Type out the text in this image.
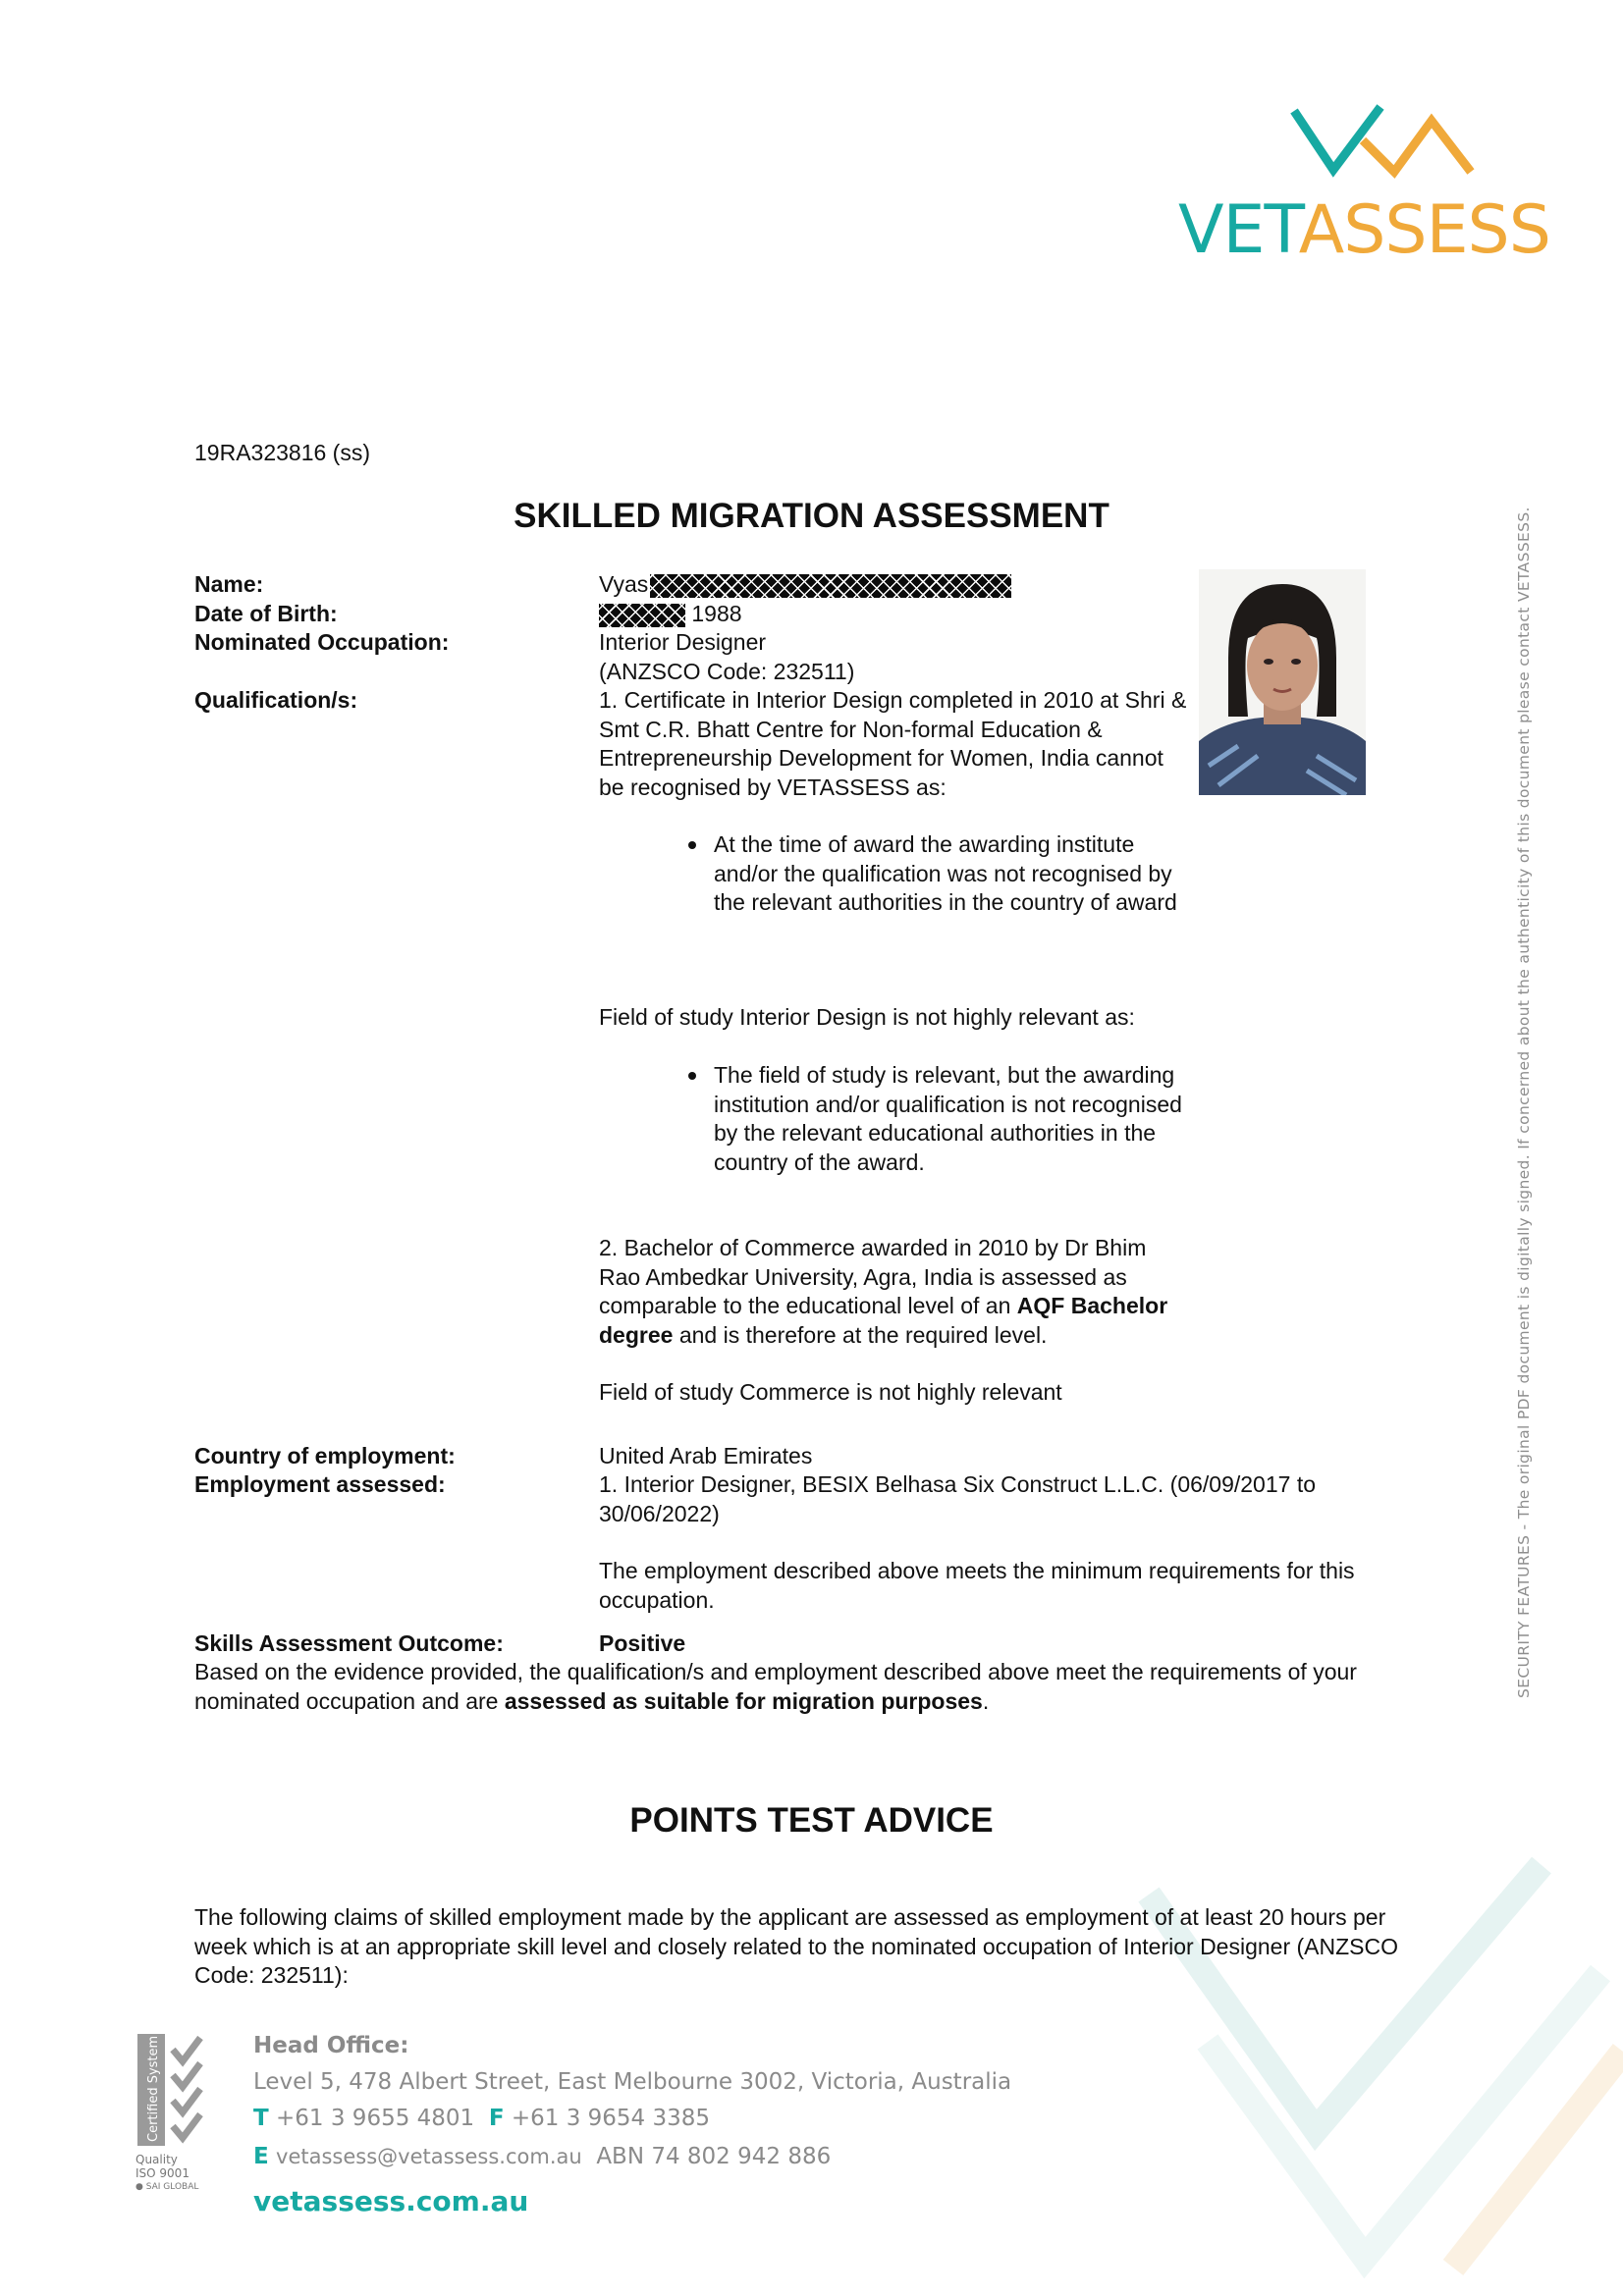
VETASSESS
SECURITY FEATURES - The original PDF document is digitally signed. If concerned about the authenticity of this document please contact VETASSESS.
19RA323816 (ss)
SKILLED MIGRATION ASSESSMENT
Name:	Vyas
Date of Birth:	1988
Nominated Occupation:	Interior Designer
(ANZSCO Code: 232511)
Qualification/s:	1. Certificate in Interior Design completed in 2010 at Shri & Smt C.R. Bhatt Centre for Non-formal Education & Entrepreneurship Development for Women, India cannot be recognised by VETASSESS as:
At the time of award the awarding institute and/or the qualification was not recognised by the relevant authorities in the country of award
Field of study Interior Design is not highly relevant as:
The field of study is relevant, but the awarding institution and/or qualification is not recognised by the relevant educational authorities in the country of the award.
2. Bachelor of Commerce awarded in 2010 by Dr Bhim Rao Ambedkar University, Agra, India is assessed as comparable to the educational level of an AQF Bachelor degree and is therefore at the required level.
Field of study Commerce is not highly relevant
Country of employment:	United Arab Emirates
Employment assessed:	1. Interior Designer, BESIX Belhasa Six Construct L.L.C. (06/09/2017 to 30/06/2022)
The employment described above meets the minimum requirements for this occupation.
Skills Assessment Outcome:	Positive
Based on the evidence provided, the qualification/s and employment described above meet the requirements of your nominated occupation and are assessed as suitable for migration purposes.
POINTS TEST ADVICE
The following claims of skilled employment made by the applicant are assessed as employment of at least 20 hours per week which is at an appropriate skill level and closely related to the nominated occupation of Interior Designer (ANZSCO Code: 232511):
Certified System
Quality
ISO 9001
● SAI GLOBAL
Head Office:
Level 5, 478 Albert Street, East Melbourne 3002, Victoria, Australia
T +61 3 9655 4801 F +61 3 9654 3385
E vetassess@vetassess.com.au ABN 74 802 942 886
vetassess.com.au
